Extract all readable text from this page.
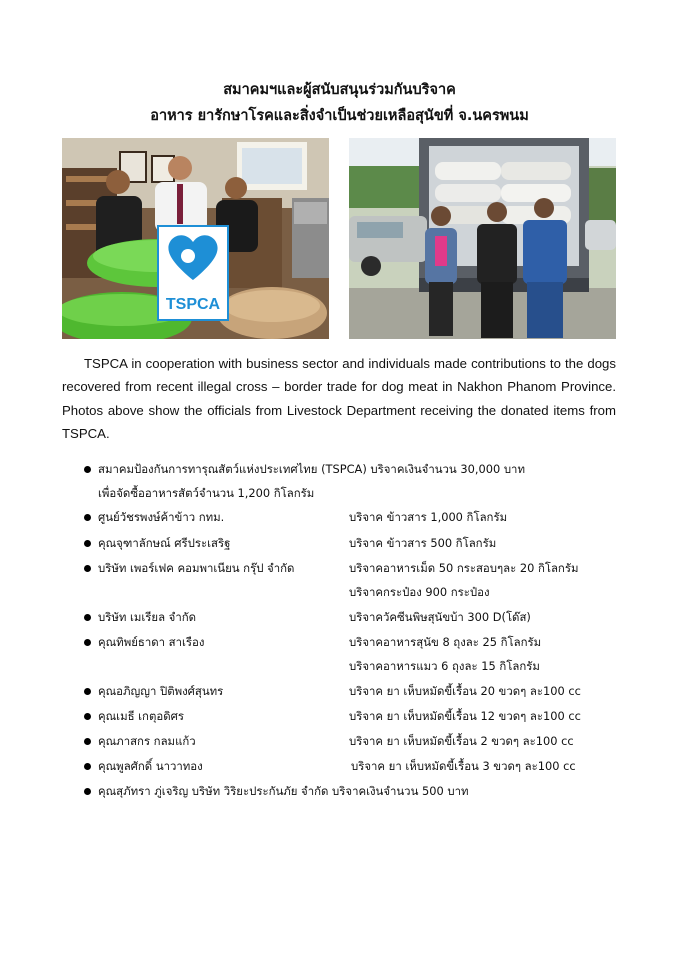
สมาคมฯและผู้สนับสนุนร่วมกันบริจาค
อาหาร ยารักษาโรคและสิ่งจำเป็นช่วยเหลือสุนัขที่ จ.นครพนม
TSPCA

TSPCA in cooperation with business sector and individuals made contributions to the dogs recovered from recent illegal cross – border trade for dog meat in Nakhon Phanom Province. Photos above show the officials from Livestock Department receiving the donated items from TSPCA.

สมาคมป้องกันการทารุณสัตว์แห่งประเทศไทย (TSPCA) บริจาคเงินจำนวน 30,000 บาท
เพื่อจัดซื้ออาหารสัตว์จำนวน 1,200 กิโลกรัม
ศูนย์วัชรพงษ์ค้าข้าว กทม.	บริจาค ข้าวสาร 1,000 กิโลกรัม
คุณจุฑาลักษณ์ ศรีประเสริฐ	บริจาค ข้าวสาร 500 กิโลกรัม
บริษัท เพอร์เฟค คอมพาเนียน กรุ๊ป จำกัด	บริจาคอาหารเม็ด 50 กระสอบๆละ 20 กิโลกรัม
บริจาคกระป๋อง 900 กระป๋อง
บริษัท เมเรียล จำกัด	บริจาควัคซีนพิษสุนัขบ้า 300 D(โด๊ส)
คุณทิพย์ธาดา สาเรือง	บริจาคอาหารสุนัข 8 ถุงละ 25 กิโลกรัม
บริจาคอาหารแมว 6 ถุงละ 15 กิโลกรัม
คุณอภิญญา ปิติพงศ์สุนทร	บริจาค ยา เห็บหมัดขี้เรื้อน 20 ขวดๆ ละ100 cc
คุณเมธี เกตุอดิศร	บริจาค ยา เห็บหมัดขี้เรื้อน 12 ขวดๆ ละ100 cc
คุณภาสกร กลมแก้ว	บริจาค ยา เห็บหมัดขี้เรื้อน 2 ขวดๆ ละ100 cc
คุณพูลศักดิ์ นาวาทอง	บริจาค ยา เห็บหมัดขี้เรื้อน 3 ขวดๆ ละ100 cc
คุณสุภัทรา ภู่เจริญ บริษัท วิริยะประกันภัย จำกัด บริจาคเงินจำนวน 500 บาท
